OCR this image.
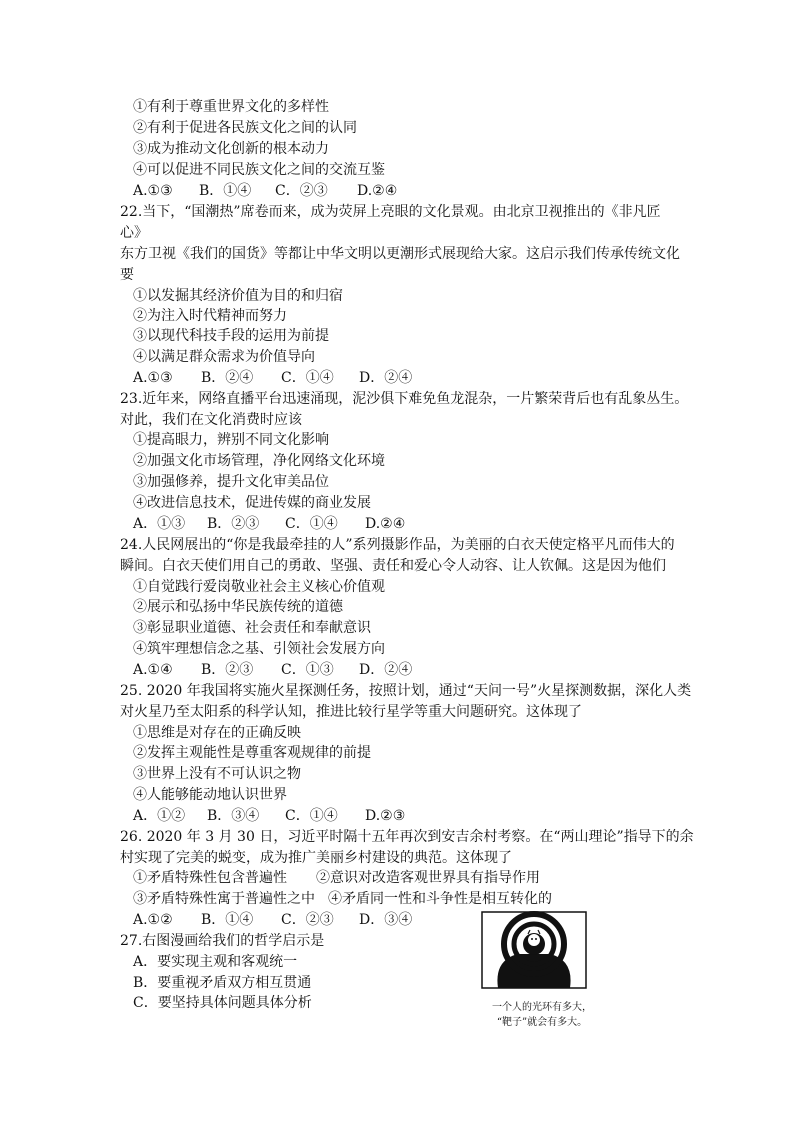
①有利于尊重世界文化的多样性
②有利于促进各民族文化之间的认同
③成为推动文化创新的根本动力
④可以促进不同民族文化之间的交流互鉴
A.①③ B．①④ C．②③ D.②④
22.当下，“国潮热”席卷而来，成为荧屏上亮眼的文化景观。由北京卫视推出的《非凡匠
心》
东方卫视《我们的国货》等都让中华文明以更潮形式展现给大家。这启示我们传承传统文化
要
①以发掘其经济价值为目的和归宿
②为注入时代精神而努力
③以现代科技手段的运用为前提
④以满足群众需求为价值导向
A.①③ B．②④ C．①④ D．②④
23.近年来，网络直播平台迅速涌现，泥沙俱下难免鱼龙混杂，一片繁荣背后也有乱象丛生。
对此，我们在文化消费时应该
①提高眼力，辨别不同文化影响
②加强文化市场管理，净化网络文化环境
③加强修养，提升文化审美品位
④改进信息技术，促进传媒的商业发展
A．①③ B．②③ C．①④ D.②④
24.人民网展出的“你是我最牵挂的人”系列摄影作品，为美丽的白衣天使定格平凡而伟大的
瞬间。白衣天使们用自己的勇敢、坚强、责任和爱心令人动容、让人钦佩。这是因为他们
①自觉践行爱岗敬业社会主义核心价值观
②展示和弘扬中华民族传统的道德
③彰显职业道德、社会责任和奉献意识
④筑牢理想信念之基、引领社会发展方向
A.①④ B．②③ C．①③ D．②④
25. 2020 年我国将实施火星探测任务，按照计划，通过“天问一号”火星探测数据，深化人类
对火星乃至太阳系的科学认知，推进比较行星学等重大问题研究。这体现了
①思维是对存在的正确反映
②发挥主观能性是尊重客观规律的前提
③世界上没有不可认识之物
④人能够能动地认识世界
A．①② B．③④ C．①④ D.②③
26. 2020 年 3 月 30 日，习近平时隔十五年再次到安吉余村考察。在“两山理论”指导下的余
村实现了完美的蜕变，成为推广美丽乡村建设的典范。这体现了
①矛盾特殊性包含普遍性 ②意识对改造客观世界具有指导作用
③矛盾特殊性寓于普遍性之中 ④矛盾同一性和斗争性是相互转化的
A.①② B．①④ C．②③ D．③④
27.右图漫画给我们的哲学启示是
A．要实现主观和客观统一
B．要重视矛盾双方相互贯通
C．要坚持具体问题具体分析	一个人的光环有多大，
“靶子”就会有多大。
